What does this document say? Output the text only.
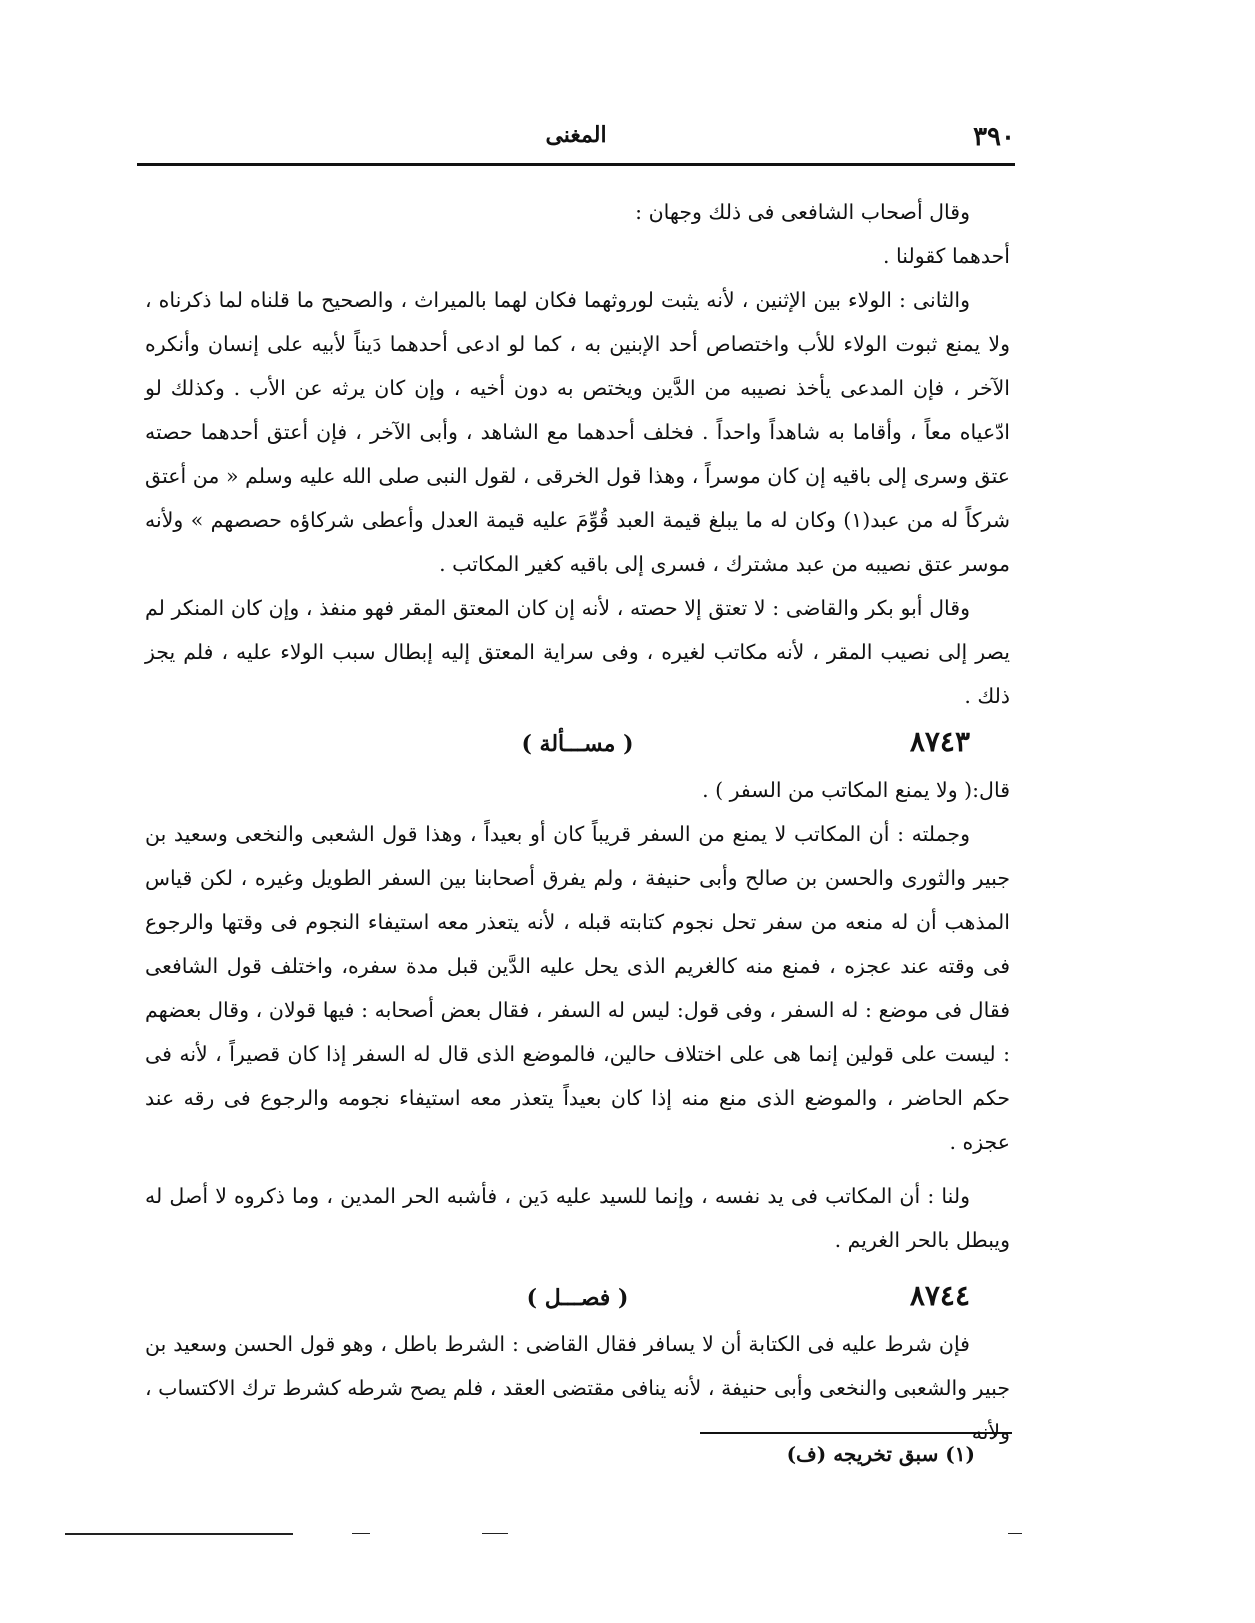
٣٩٠
المغنى

وقال أصحاب الشافعى فى ذلك وجهان :

أحدهما كقولنا .

والثانى : الولاء بين الإثنين ، لأنه يثبت لوروثهما فكان لهما بالميراث ، والصحيح ما قلناه لما ذكرناه ، ولا يمنع ثبوت الولاء للأب واختصاص أحد الإبنين به ، كما لو ادعى أحدهما دَيناً لأبيه على إنسان وأنكره الآخر ، فإن المدعى يأخذ نصيبه من الدَّين ويختص به دون أخيه ، وإن كان يرثه عن الأب . وكذلك لو ادّعياه معاً ، وأقاما به شاهداً واحداً . فخلف أحدهما مع الشاهد ، وأبى الآخر ، فإن أعتق أحدهما حصته عتق وسرى إلى باقيه إن كان موسراً ، وهذا قول الخرقى ، لقول النبى صلى الله عليه وسلم « من أعتق شركاً له من عبد(١) وكان له ما يبلغ قيمة العبد قُوِّمَ عليه قيمة العدل وأعطى شركاؤه حصصهم » ولأنه موسر عتق نصيبه من عبد مشترك ، فسرى إلى باقيه كغير المكاتب .

وقال أبو بكر والقاضى : لا تعتق إلا حصته ، لأنه إن كان المعتق المقر فهو منفذ ، وإن كان المنكر لم يصر إلى نصيب المقر ، لأنه مكاتب لغيره ، وفى سراية المعتق إليه إبطال سبب الولاء عليه ، فلم يجز ذلك .

٨٧٤٣
( مســـألة )

قال:( ولا يمنع المكاتب من السفر ) .

وجملته : أن المكاتب لا يمنع من السفر قريباً كان أو بعيداً ، وهذا قول الشعبى والنخعى وسعيد بن جبير والثورى والحسن بن صالح وأبى حنيفة ، ولم يفرق أصحابنا بين السفر الطويل وغيره ، لكن قياس المذهب أن له منعه من سفر تحل نجوم كتابته قبله ، لأنه يتعذر معه استيفاء النجوم فى وقتها والرجوع فى وقته عند عجزه ، فمنع منه كالغريم الذى يحل عليه الدَّين قبل مدة سفره، واختلف قول الشافعى فقال فى موضع : له السفر ، وفى قول: ليس له السفر ، فقال بعض أصحابه : فيها قولان ، وقال بعضهم : ليست على قولين إنما هى على اختلاف حالين، فالموضع الذى قال له السفر إذا كان قصيراً ، لأنه فى حكم الحاضر ، والموضع الذى منع منه إذا كان بعيداً يتعذر معه استيفاء نجومه والرجوع فى رقه عند عجزه .

ولنا : أن المكاتب فى يد نفسه ، وإنما للسيد عليه دَين ، فأشبه الحر المدين ، وما ذكروه لا أصل له ويبطل بالحر الغريم .

٨٧٤٤
( فصـــل )

فإن شرط عليه فى الكتابة أن لا يسافر فقال القاضى : الشرط باطل ، وهو قول الحسن وسعيد بن جبير والشعبى والنخعى وأبى حنيفة ، لأنه ينافى مقتضى العقد ، فلم يصح شرطه كشرط ترك الاكتساب ، ولأنه

(١) سبق تخريجه (ف)
